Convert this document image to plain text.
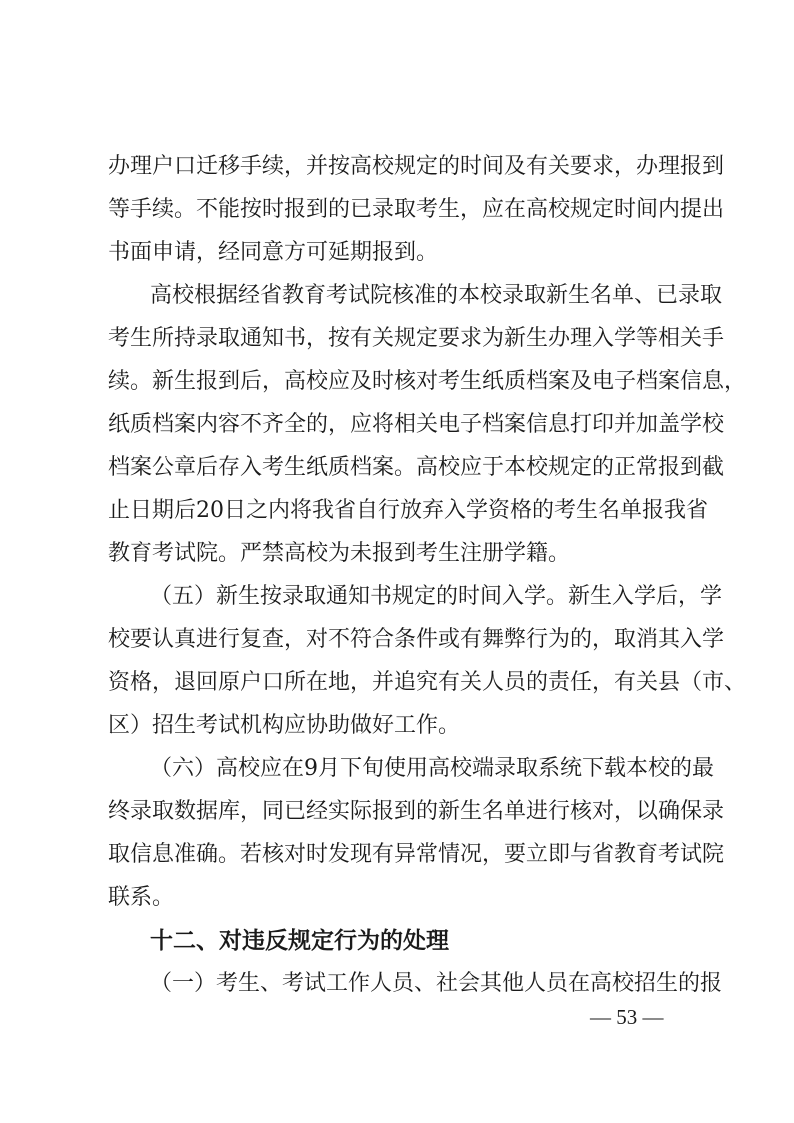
办理户口迁移手续，并按高校规定的时间及有关要求，办理报到
等手续。不能按时报到的已录取考生，应在高校规定时间内提出
书面申请，经同意方可延期报到。
高校根据经省教育考试院核准的本校录取新生名单、已录取
考生所持录取通知书，按有关规定要求为新生办理入学等相关手
续。新生报到后，高校应及时核对考生纸质档案及电子档案信息，
纸质档案内容不齐全的，应将相关电子档案信息打印并加盖学校
档案公章后存入考生纸质档案。高校应于本校规定的正常报到截
止日期后20日之内将我省自行放弃入学资格的考生名单报我省
教育考试院。严禁高校为未报到考生注册学籍。
（五）新生按录取通知书规定的时间入学。新生入学后，学
校要认真进行复查，对不符合条件或有舞弊行为的，取消其入学
资格，退回原户口所在地，并追究有关人员的责任，有关县（市、
区）招生考试机构应协助做好工作。
（六）高校应在9月下旬使用高校端录取系统下载本校的最
终录取数据库，同已经实际报到的新生名单进行核对，以确保录
取信息准确。若核对时发现有异常情况，要立即与省教育考试院
联系。
十二、对违反规定行为的处理
（一）考生、考试工作人员、社会其他人员在高校招生的报
— 53 —
